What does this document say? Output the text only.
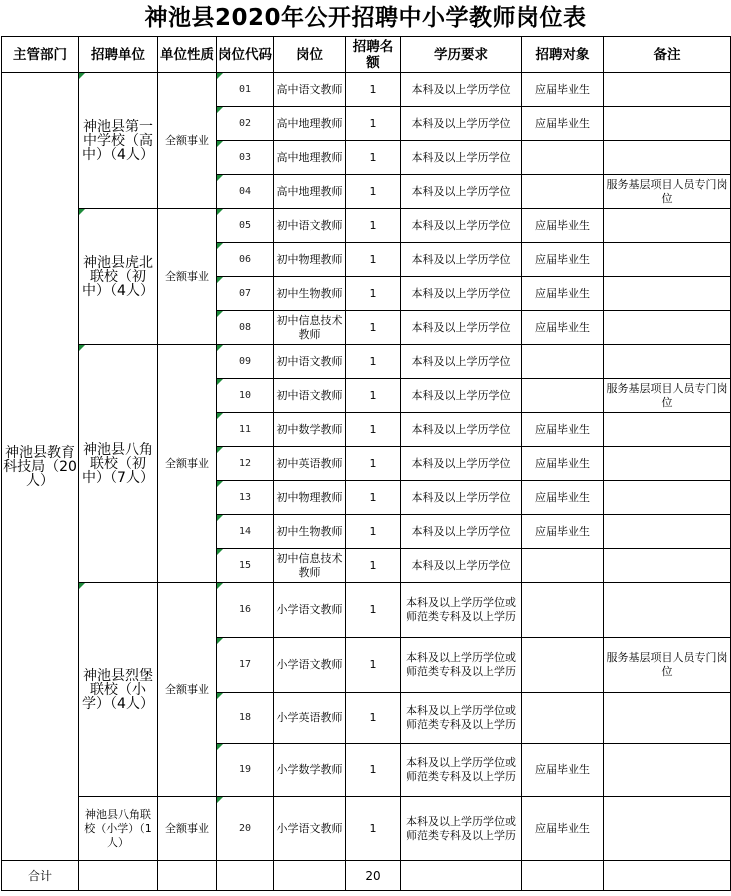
神池县2020年公开招聘中小学教师岗位表
主管部门	招聘单位	单位性质	岗位代码	岗位	招聘名额	学历要求	招聘对象	备注
神池县教育科技局（20人）	神池县第一中学校（高中）（4人）	全额事业	01	高中语文教师	1	本科及以上学历学位	应届毕业生	
			02	高中地理教师	1	本科及以上学历学位	应届毕业生	
			03	高中地理教师	1	本科及以上学历学位		
			04	高中地理教师	1	本科及以上学历学位		服务基层项目人员专门岗位
	神池县虎北联校（初中）（4人）	全额事业	05	初中语文教师	1	本科及以上学历学位	应届毕业生	
			06	初中物理教师	1	本科及以上学历学位	应届毕业生	
			07	初中生物教师	1	本科及以上学历学位	应届毕业生	
			08	初中信息技术教师	1	本科及以上学历学位	应届毕业生	
	神池县八角联校（初中）（7人）	全额事业	09	初中语文教师	1	本科及以上学历学位		
			10	初中语文教师	1	本科及以上学历学位		服务基层项目人员专门岗位
			11	初中数学教师	1	本科及以上学历学位	应届毕业生	
			12	初中英语教师	1	本科及以上学历学位	应届毕业生	
			13	初中物理教师	1	本科及以上学历学位	应届毕业生	
			14	初中生物教师	1	本科及以上学历学位	应届毕业生	
			15	初中信息技术教师	1	本科及以上学历学位		
	神池县烈堡联校（小学）（4人）	全额事业	16	小学语文教师	1	本科及以上学历学位或师范类专科及以上学历		
			17	小学语文教师	1	本科及以上学历学位或师范类专科及以上学历		服务基层项目人员专门岗位
			18	小学英语教师	1	本科及以上学历学位或师范类专科及以上学历		
			19	小学数学教师	1	本科及以上学历学位或师范类专科及以上学历	应届毕业生	
	神池县八角联校（小学）（1人）	全额事业	20	小学语文教师	1	本科及以上学历学位或师范类专科及以上学历	应届毕业生	
合计					20			
